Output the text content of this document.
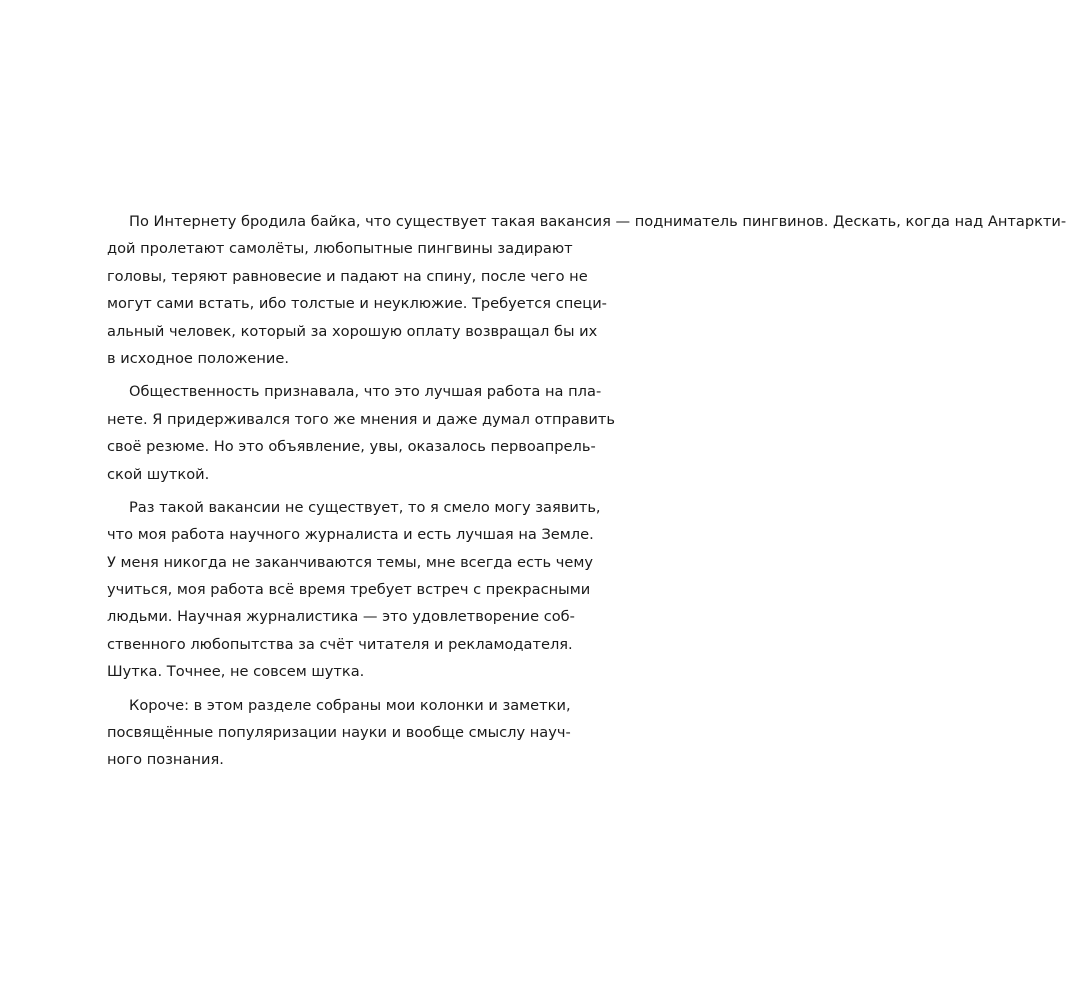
По Интернету бродила байка, что существует такая ваканcия — подниматель пингвинов. Дескать, когда над Антаркти-
дой пролетают самолёты, любопытные пингвины задирают
головы, теряют равновесие и падают на спину, после чего не
могут сами встать, ибо толстые и неуклюжие. Требуется специ-
альный человек, который за хорошую оплату возвращал бы их
в исходное положение.
Общественность признавала, что это лучшая работа на пла-
нете. Я придерживался того же мнения и даже думал отправить
своё резюме. Но это объявление, увы, оказалось первоапрель-
ской шуткой.
Раз такой вакансии не существует, то я смело могу заявить,
что моя работа научного журналиста и есть лучшая на Земле.
У меня никогда не заканчиваются темы, мне всегда есть чему
учиться, моя работа всё время требует встреч с прекрасными
людьми. Научная журналистика — это удовлетворение соб-
ственного любопытства за счёт читателя и рекламодателя.
Шутка. Точнее, не совсем шутка.
Короче: в этом разделе собраны мои колонки и заметки,
посвящённые популяризации науки и вообще смыслу науч-
ного познания.
